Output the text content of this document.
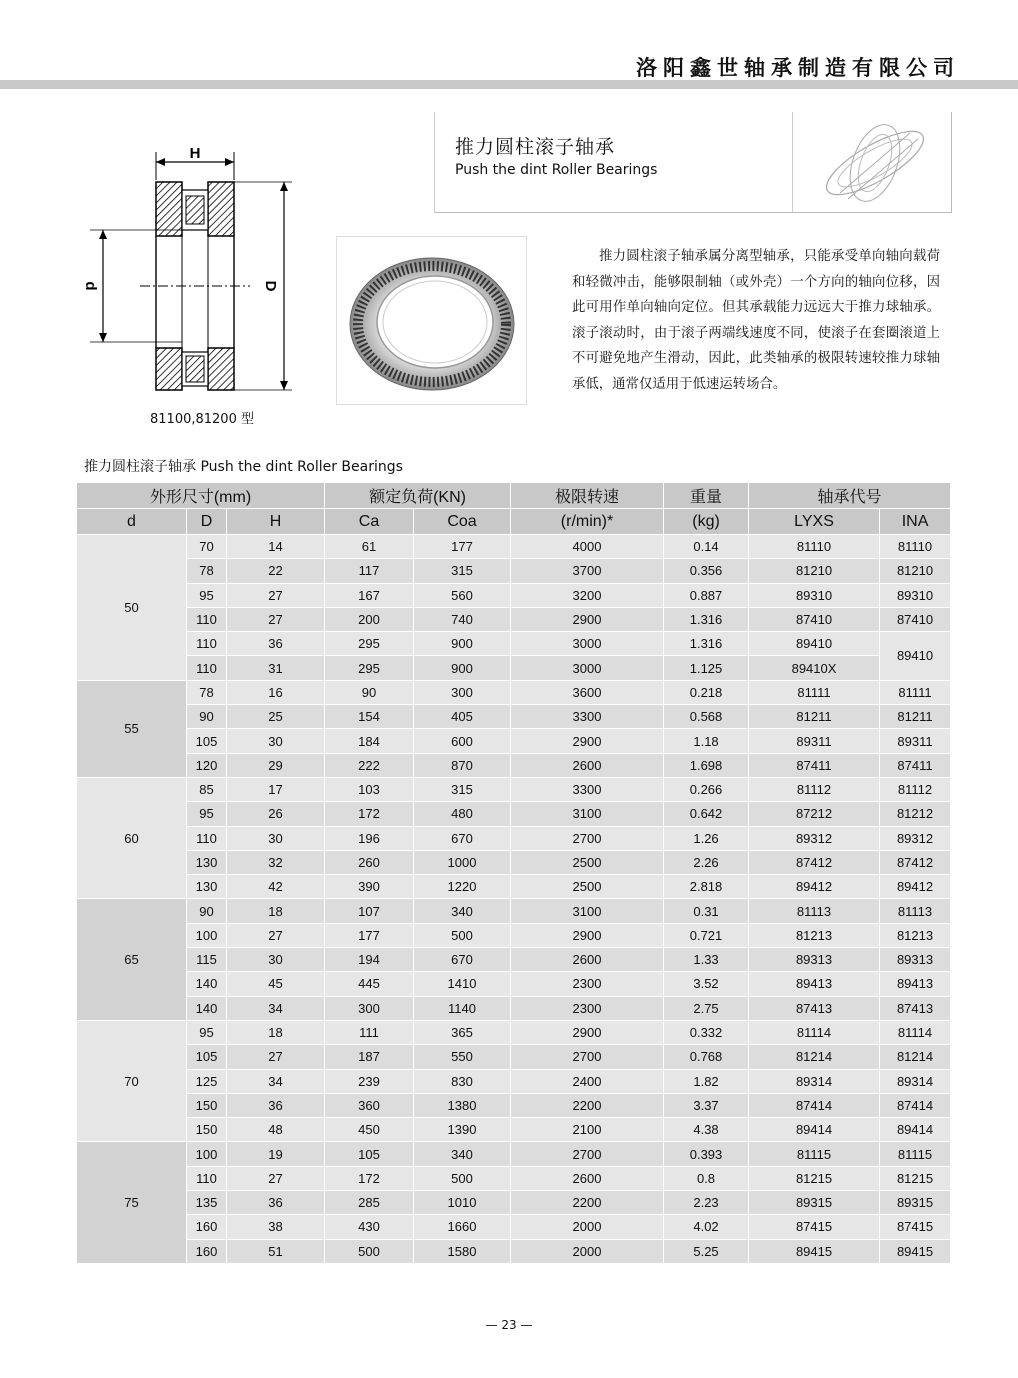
洛阳鑫世轴承制造有限公司
推力圆柱滚子轴承
Push the dint Roller Bearings
H
d	D
81100,81200 型
推力圆柱滚子轴承属分离型轴承，只能承受单向轴向载荷和轻微冲击，能够限制轴（或外壳）一个方向的轴向位移，因此可用作单向轴向定位。但其承载能力远远大于推力球轴承。滚子滚动时，由于滚子两端线速度不同，使滚子在套圈滚道上不可避免地产生滑动，因此，此类轴承的极限转速较推力球轴承低，通常仅适用于低速运转场合。
推力圆柱滚子轴承 Push the dint Roller Bearings
外形尺寸(mm)			额定负荷(KN)		极限转速	重量	轴承代号	
d	D	H	Ca	Coa	(r/min)*	(kg)	LYXS	INA
50	70	14	61	177	4000	0.14	81110	81110
	78	22	117	315	3700	0.356	81210	81210
	95	27	167	560	3200	0.887	89310	89310
	110	27	200	740	2900	1.316	87410	87410
	110	36	295	900	3000	1.316	89410	89410
	110	31	295	900	3000	1.125	89410X	
55	78	16	90	300	3600	0.218	81111	81111
	90	25	154	405	3300	0.568	81211	81211
	105	30	184	600	2900	1.18	89311	89311
	120	29	222	870	2600	1.698	87411	87411
60	85	17	103	315	3300	0.266	81112	81112
	95	26	172	480	3100	0.642	87212	81212
	110	30	196	670	2700	1.26	89312	89312
	130	32	260	1000	2500	2.26	87412	87412
	130	42	390	1220	2500	2.818	89412	89412
65	90	18	107	340	3100	0.31	81113	81113
	100	27	177	500	2900	0.721	81213	81213
	115	30	194	670	2600	1.33	89313	89313
	140	45	445	1410	2300	3.52	89413	89413
	140	34	300	1140	2300	2.75	87413	87413
70	95	18	111	365	2900	0.332	81114	81114
	105	27	187	550	2700	0.768	81214	81214
	125	34	239	830	2400	1.82	89314	89314
	150	36	360	1380	2200	3.37	87414	87414
	150	48	450	1390	2100	4.38	89414	89414
75	100	19	105	340	2700	0.393	81115	81115
	110	27	172	500	2600	0.8	81215	81215
	135	36	285	1010	2200	2.23	89315	89315
	160	38	430	1660	2000	4.02	87415	87415
	160	51	500	1580	2000	5.25	89415	89415
— 23 —
